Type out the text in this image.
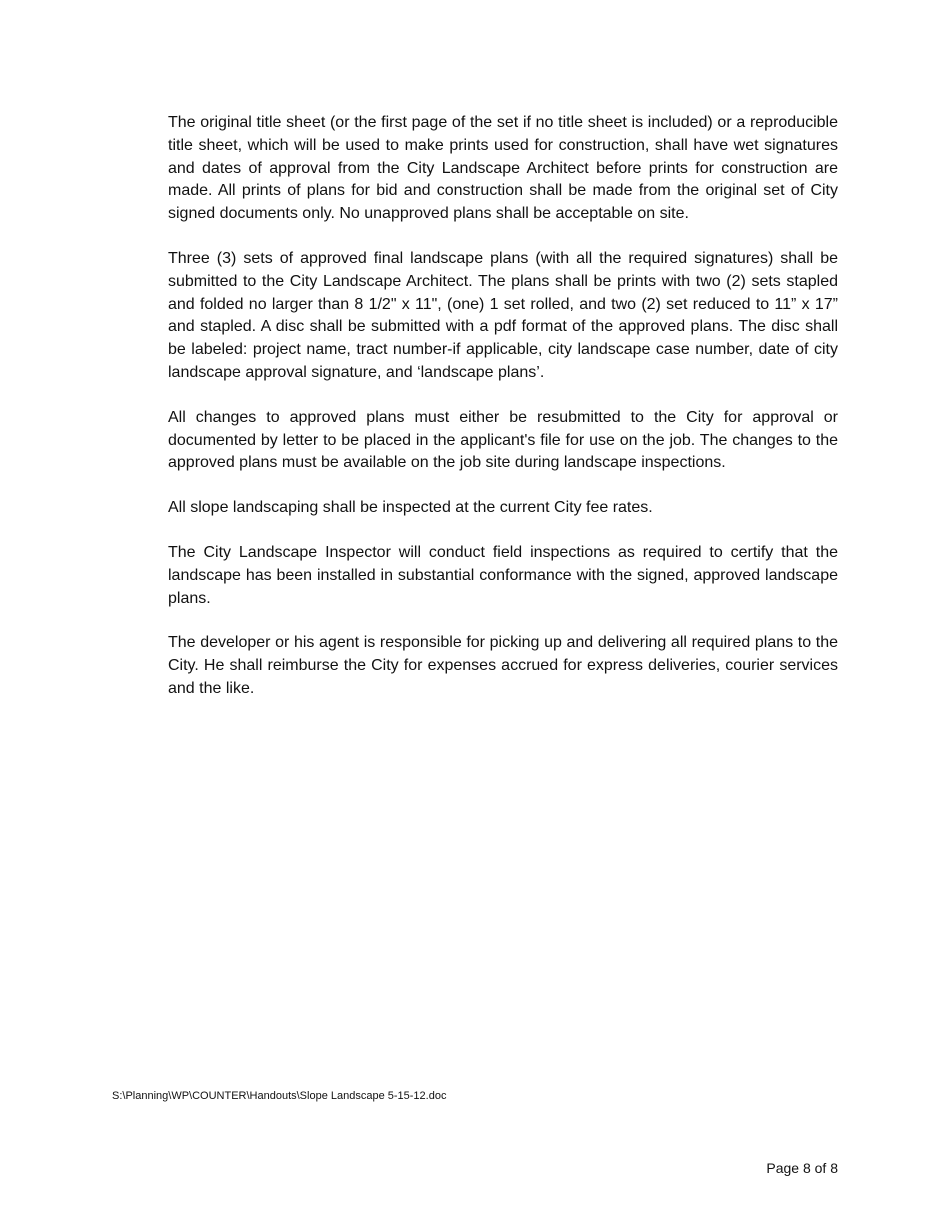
The original title sheet (or the first page of the set if no title sheet is included) or a reproducible title sheet, which will be used to make prints used for construction, shall have wet signatures and dates of approval from the City Landscape Architect before prints for construction are made. All prints of plans for bid and construction shall be made from the original set of City signed documents only. No unapproved plans shall be acceptable on site.

Three (3) sets of approved final landscape plans (with all the required signatures) shall be submitted to the City Landscape Architect. The plans shall be prints with two (2) sets stapled and folded no larger than 8 1/2" x 11", (one) 1 set rolled, and two (2) set reduced to 11” x 17” and stapled. A disc shall be submitted with a pdf format of the approved plans. The disc shall be labeled: project name, tract number-if applicable, city landscape case number, date of city landscape approval signature, and ‘landscape plans’.

All changes to approved plans must either be resubmitted to the City for approval or documented by letter to be placed in the applicant's file for use on the job. The changes to the approved plans must be available on the job site during landscape inspections.

All slope landscaping shall be inspected at the current City fee rates.

The City Landscape Inspector will conduct field inspections as required to certify that the landscape has been installed in substantial conformance with the signed, approved landscape plans.

The developer or his agent is responsible for picking up and delivering all required plans to the City. He shall reimburse the City for expenses accrued for express deliveries, courier services and the like.

S:\Planning\WP\COUNTER\Handouts\Slope Landscape 5-15-12.doc
Page 8 of 8
